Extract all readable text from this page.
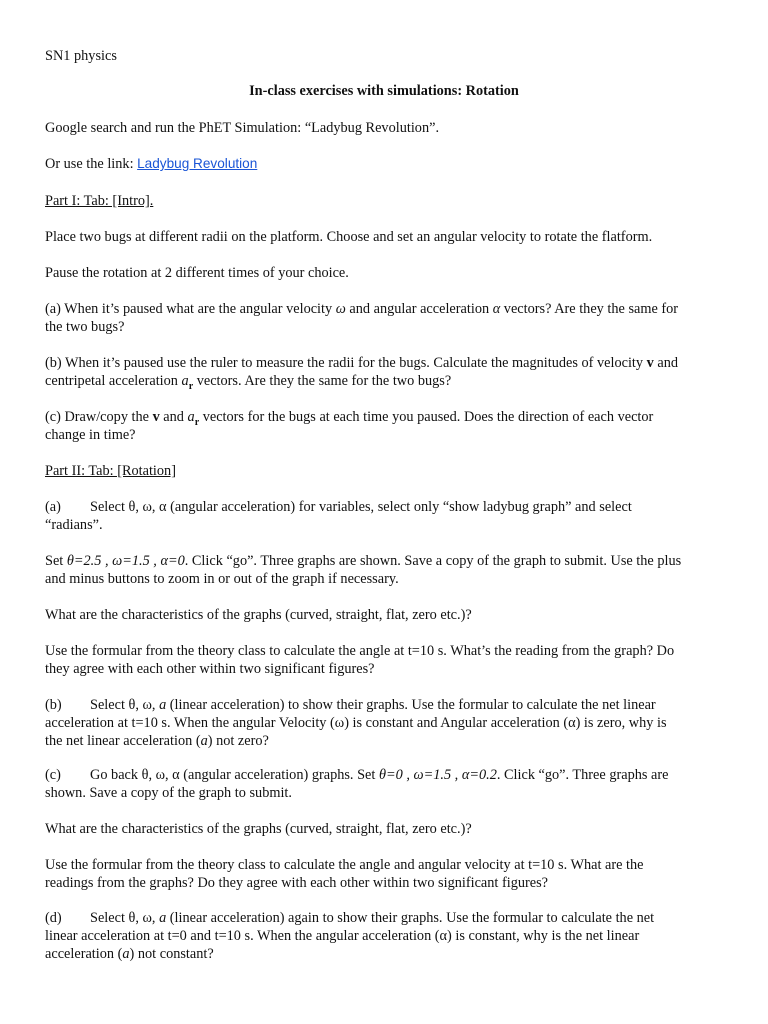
SN1 physics

In-class exercises with simulations: Rotation

Google search and run the PhET Simulation: “Ladybug Revolution”.

Or use the link: Ladybug Revolution

Part I: Tab: [Intro].

Place two bugs at different radii on the platform. Choose and set an angular velocity to rotate the flatform.

Pause the rotation at 2 different times of your choice.

(a) When it’s paused what are the angular velocity ω and angular acceleration α vectors? Are they the same for

the two bugs?

(b) When it’s paused use the ruler to measure the radii for the bugs. Calculate the magnitudes of velocity v and

centripetal acceleration $a_r$ vectors. Are they the same for the two bugs?

(c) Draw/copy the v and $a_r$ vectors for the bugs at each time you paused. Does the direction of each vector

change in time?

Part II: Tab: [Rotation]

(a) Select θ, ω, α (angular acceleration) for variables, select only “show ladybug graph” and select

“radians”.

Set θ=2.5 , ω=1.5 , α=0. Click “go”. Three graphs are shown. Save a copy of the graph to submit. Use the plus

and minus buttons to zoom in or out of the graph if necessary.

What are the characteristics of the graphs (curved, straight, flat, zero etc.)?

Use the formular from the theory class to calculate the angle at t=10 s. What’s the reading from the graph? Do

they agree with each other within two significant figures?

(b) Select θ, ω, a (linear acceleration) to show their graphs. Use the formular to calculate the net linear

acceleration at t=10 s. When the angular Velocity (ω) is constant and Angular acceleration (α) is zero, why is

the net linear acceleration (a) not zero?

(c) Go back θ, ω, α (angular acceleration) graphs. Set θ=0 , ω=1.5 , α=0.2. Click “go”. Three graphs are

shown. Save a copy of the graph to submit.

What are the characteristics of the graphs (curved, straight, flat, zero etc.)?

Use the formular from the theory class to calculate the angle and angular velocity at t=10 s. What are the

readings from the graphs? Do they agree with each other within two significant figures?

(d) Select θ, ω, a (linear acceleration) again to show their graphs. Use the formular to calculate the net

linear acceleration at t=0 and t=10 s. When the angular acceleration (α) is constant, why is the net linear

acceleration (a) not constant?
